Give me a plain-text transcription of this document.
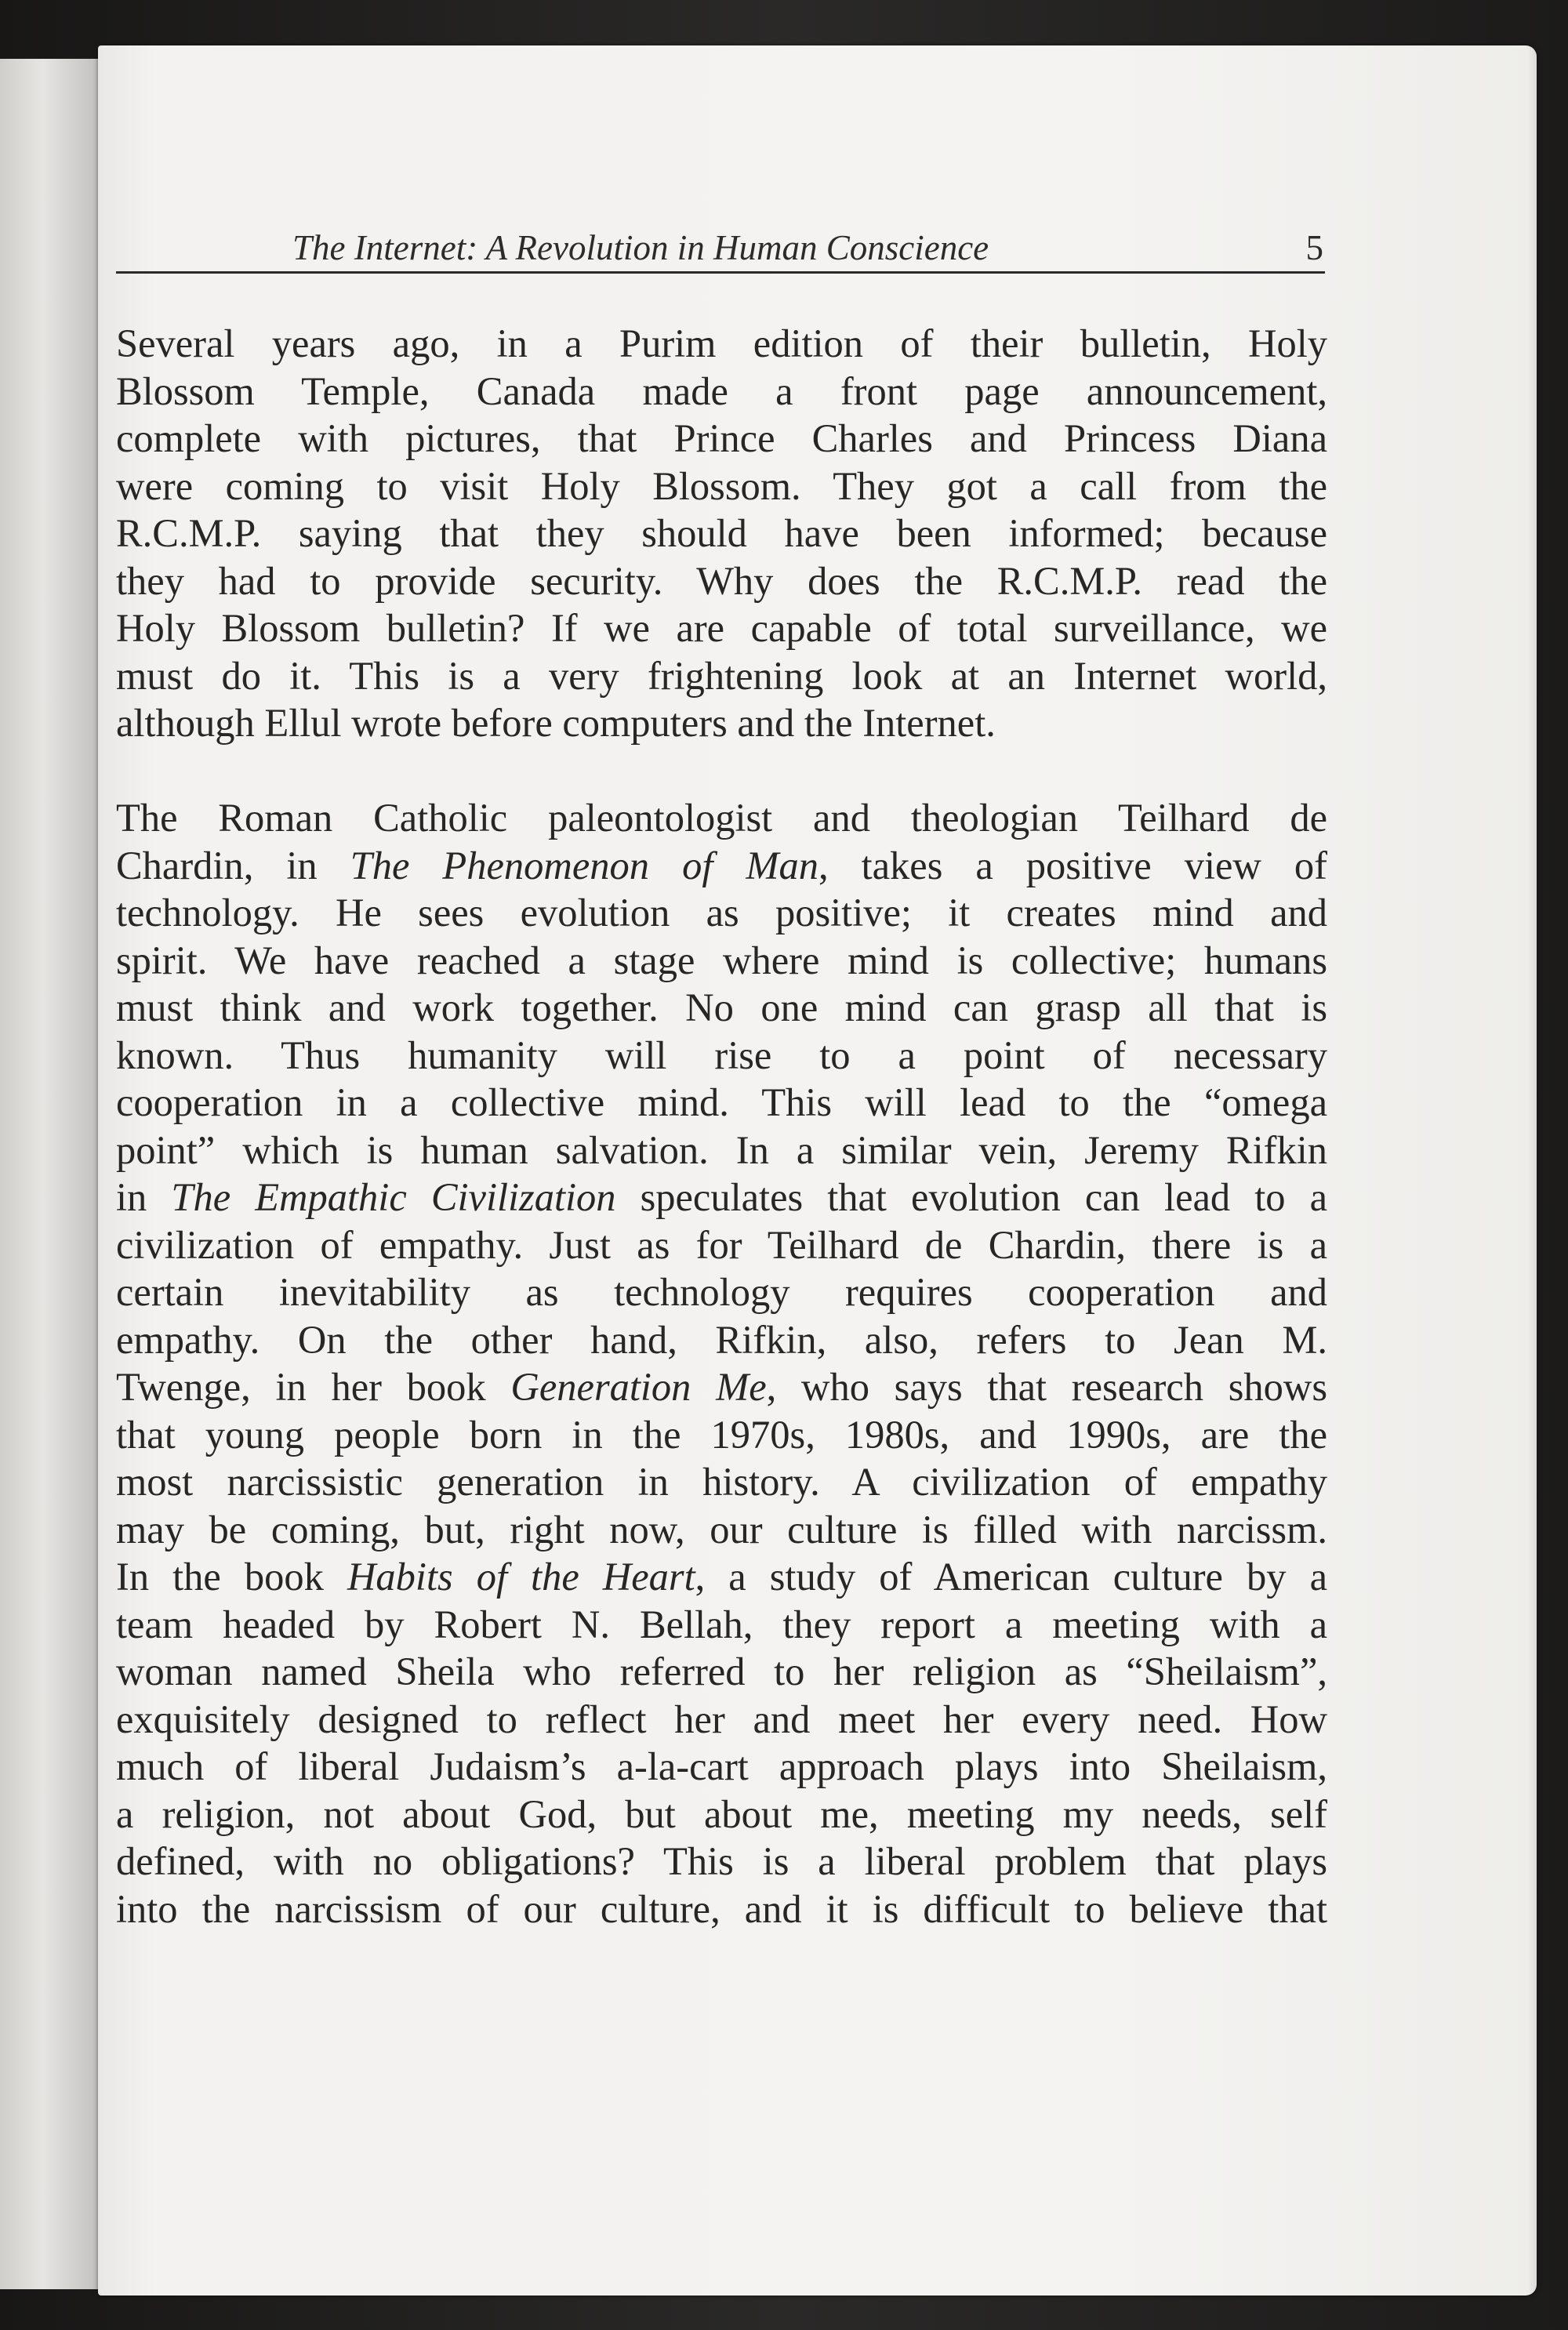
The Internet: A Revolution in Human Conscience	5
Several years ago, in a Purim edition of their bulletin, Holy
Blossom Temple, Canada made a front page announcement,
complete with pictures, that Prince Charles and Princess Diana
were coming to visit Holy Blossom. They got a call from the
R.C.M.P. saying that they should have been informed; because
they had to provide security. Why does the R.C.M.P. read the
Holy Blossom bulletin? If we are capable of total surveillance, we
must do it. This is a very frightening look at an Internet world,
although Ellul wrote before computers and the Internet.
The Roman Catholic paleontologist and theologian Teilhard de
Chardin, in The Phenomenon of Man, takes a positive view of
technology. He sees evolution as positive; it creates mind and
spirit. We have reached a stage where mind is collective; humans
must think and work together. No one mind can grasp all that is
known. Thus humanity will rise to a point of necessary
cooperation in a collective mind. This will lead to the “omega
point” which is human salvation. In a similar vein, Jeremy Rifkin
in The Empathic Civilization speculates that evolution can lead to a
civilization of empathy. Just as for Teilhard de Chardin, there is a
certain inevitability as technology requires cooperation and
empathy. On the other hand, Rifkin, also, refers to Jean M.
Twenge, in her book Generation Me, who says that research shows
that young people born in the 1970s, 1980s, and 1990s, are the
most narcissistic generation in history. A civilization of empathy
may be coming, but, right now, our culture is filled with narcissm.
In the book Habits of the Heart, a study of American culture by a
team headed by Robert N. Bellah, they report a meeting with a
woman named Sheila who referred to her religion as “Sheilaism”,
exquisitely designed to reflect her and meet her every need. How
much of liberal Judaism’s a-la-cart approach plays into Sheilaism,
a religion, not about God, but about me, meeting my needs, self
defined, with no obligations? This is a liberal problem that plays
into the narcissism of our culture, and it is difficult to believe that
